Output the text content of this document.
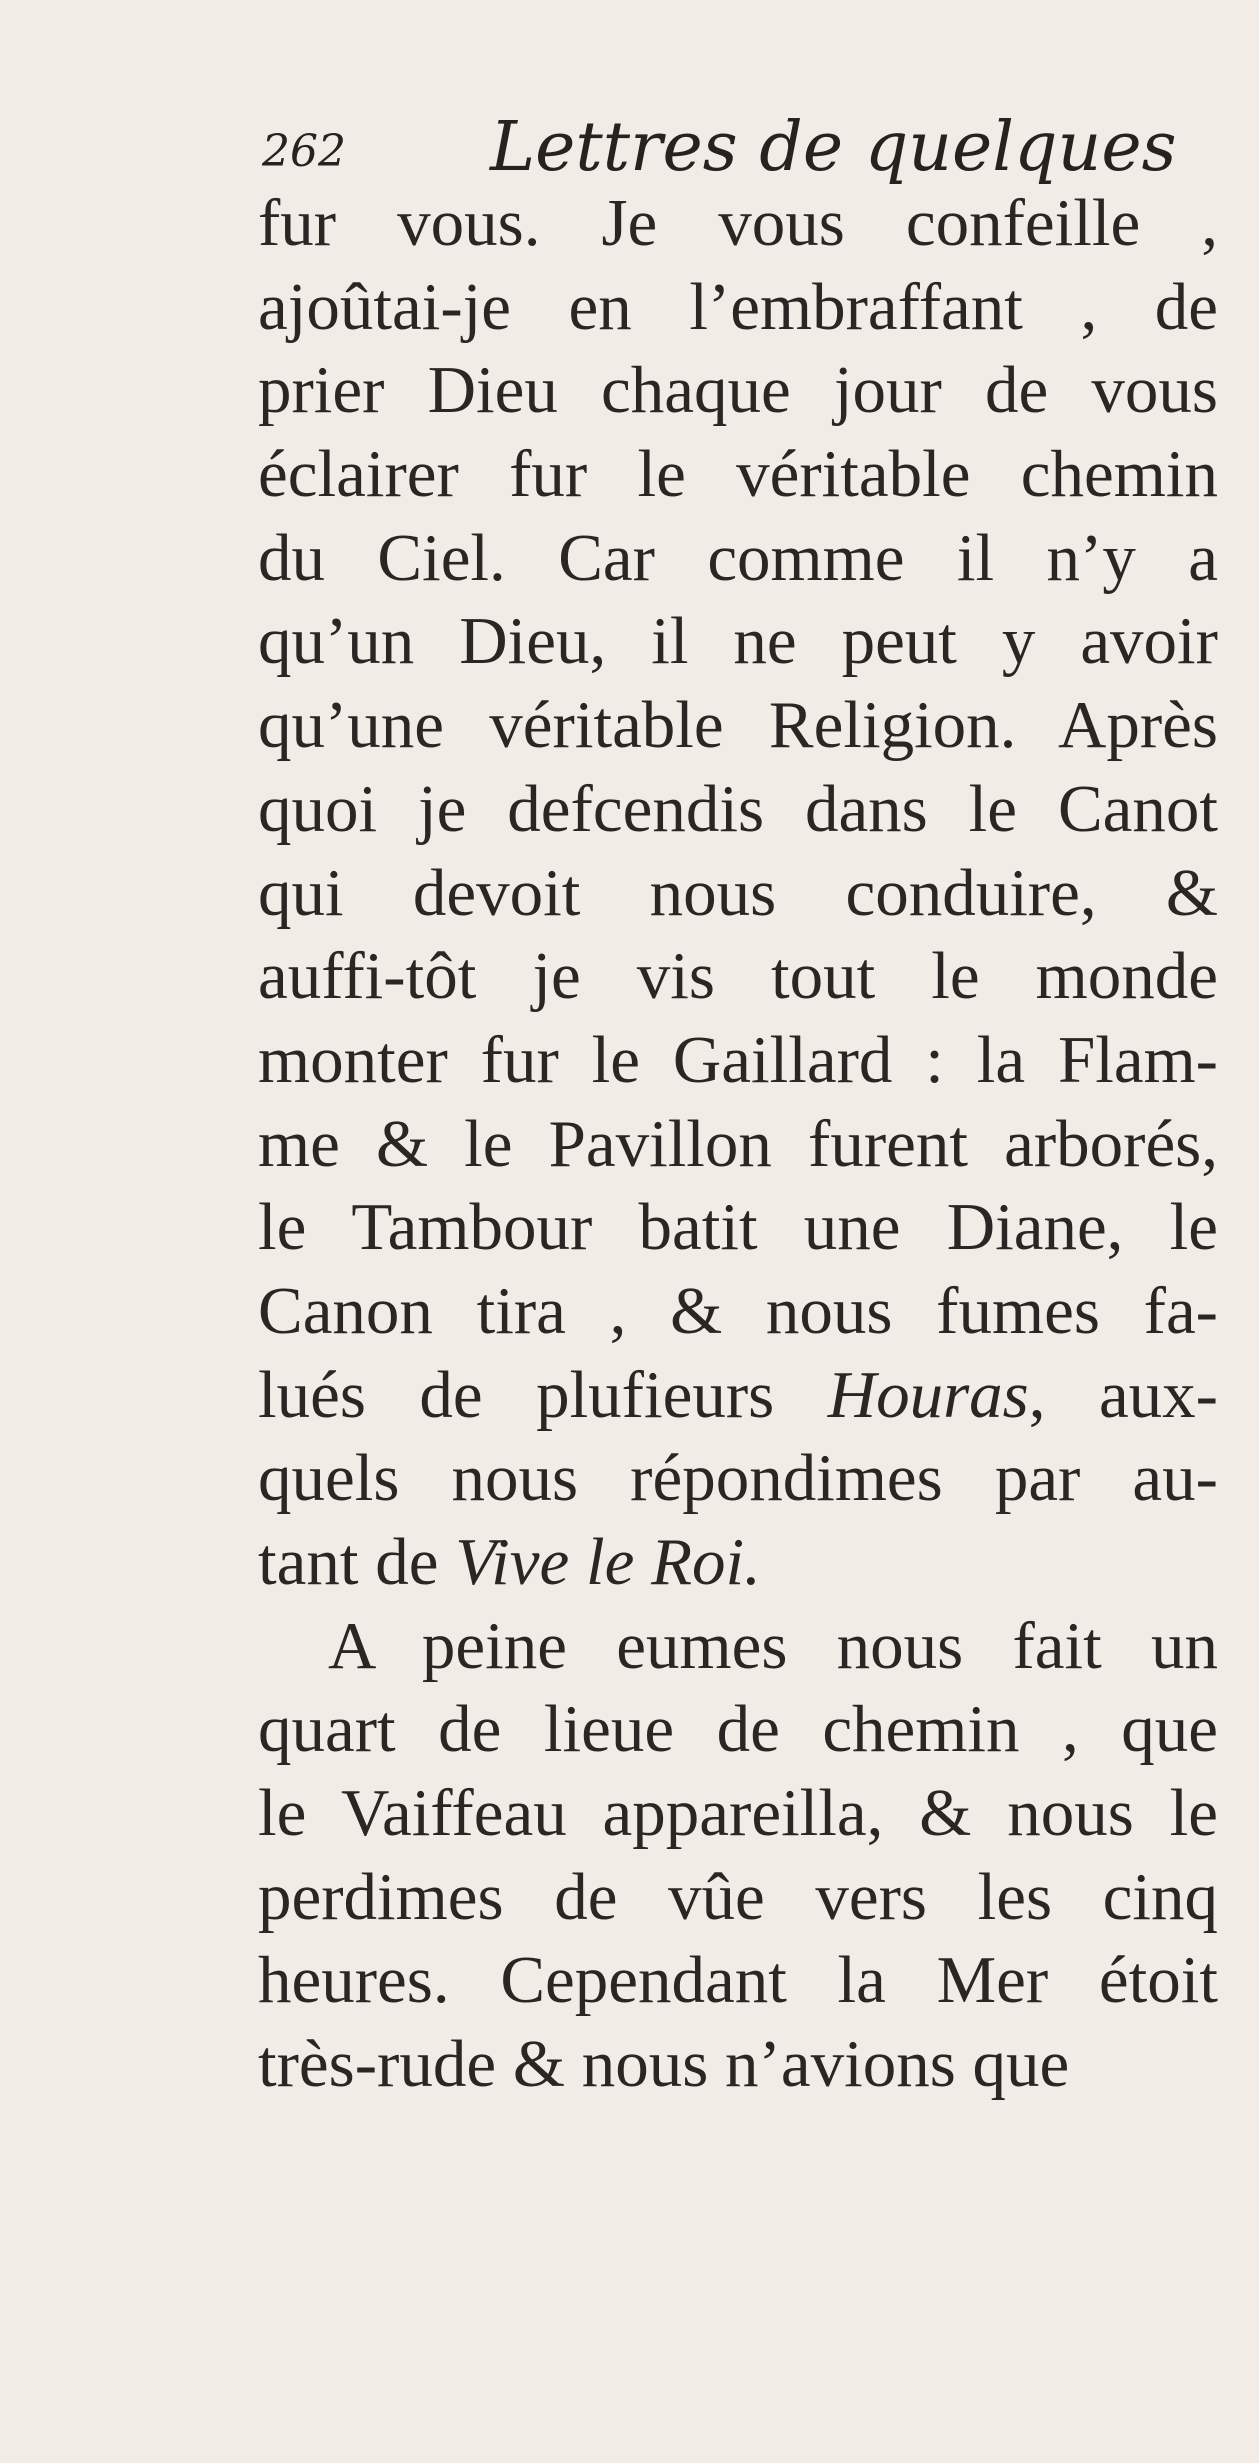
262 Lettres de quelques
fur vous. Je vous confeille ,
ajoûtai-je en l’embraffant , de
prier Dieu chaque jour de vous
éclairer fur le véritable chemin
du Ciel. Car comme il n’y a
qu’un Dieu, il ne peut y avoir
qu’une véritable Religion. Après
quoi je defcendis dans le Canot
qui devoit nous conduire, &
auffi-tôt je vis tout le monde
monter fur le Gaillard : la Flam-
me & le Pavillon furent arborés,
le Tambour batit une Diane, le
Canon tira , & nous fumes fa-
lués de plufieurs Houras, aux-
quels nous répondimes par au-
tant de Vive le Roi.
A peine eumes nous fait un
quart de lieue de chemin , que
le Vaiffeau appareilla, & nous le
perdimes de vûe vers les cinq
heures. Cependant la Mer étoit
très-rude & nous n’avions que
